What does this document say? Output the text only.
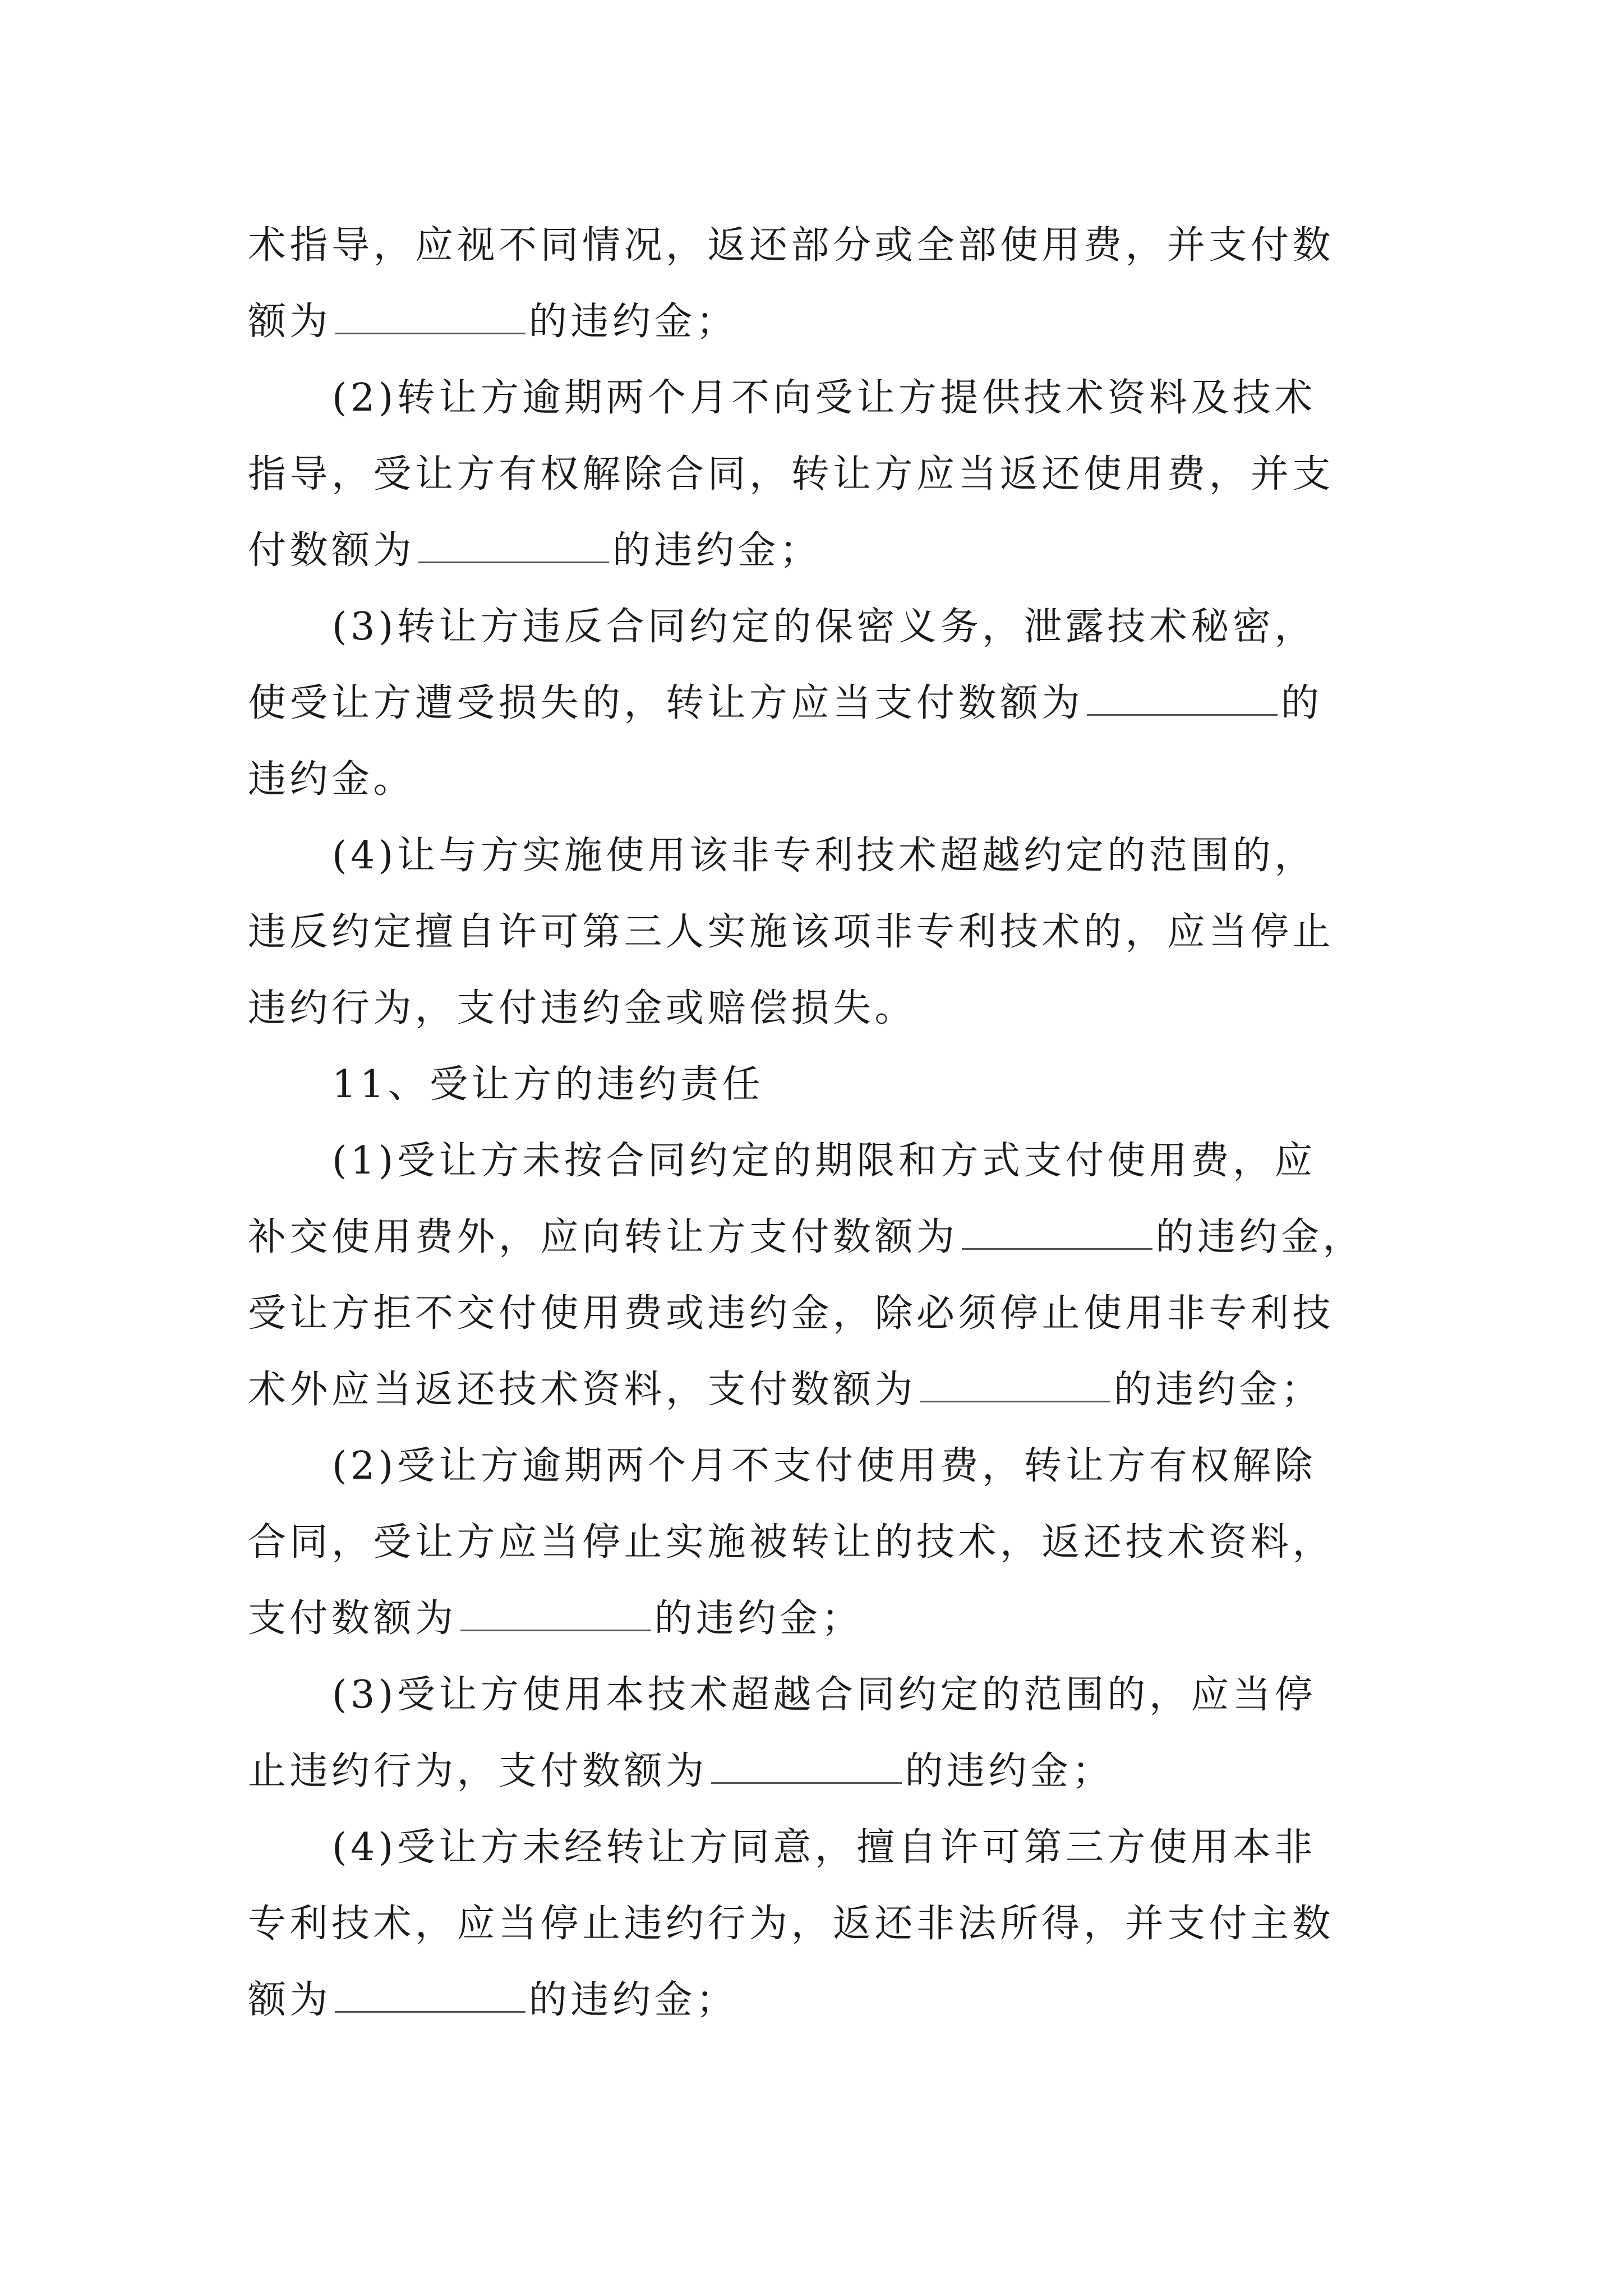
术指导，应视不同情况，返还部分或全部使用费，并支付数
额为	的违约金；
(2)转让方逾期两个月不向受让方提供技术资料及技术
指导，受让方有权解除合同，转让方应当返还使用费，并支
付数额为	的违约金；
(3)转让方违反合同约定的保密义务，泄露技术秘密，
使受让方遭受损失的，转让方应当支付数额为	的
违约金。
(4)让与方实施使用该非专利技术超越约定的范围的，
违反约定擅自许可第三人实施该项非专利技术的，应当停止
违约行为，支付违约金或赔偿损失。
11、受让方的违约责任
(1)受让方未按合同约定的期限和方式支付使用费，应
补交使用费外，应向转让方支付数额为	的违约金，
受让方拒不交付使用费或违约金，除必须停止使用非专利技
术外应当返还技术资料，支付数额为	的违约金；
(2)受让方逾期两个月不支付使用费，转让方有权解除
合同，受让方应当停止实施被转让的技术，返还技术资料，
支付数额为	的违约金；
(3)受让方使用本技术超越合同约定的范围的，应当停
止违约行为，支付数额为	的违约金；
(4)受让方未经转让方同意，擅自许可第三方使用本非
专利技术，应当停止违约行为，返还非法所得，并支付主数
额为	的违约金；
